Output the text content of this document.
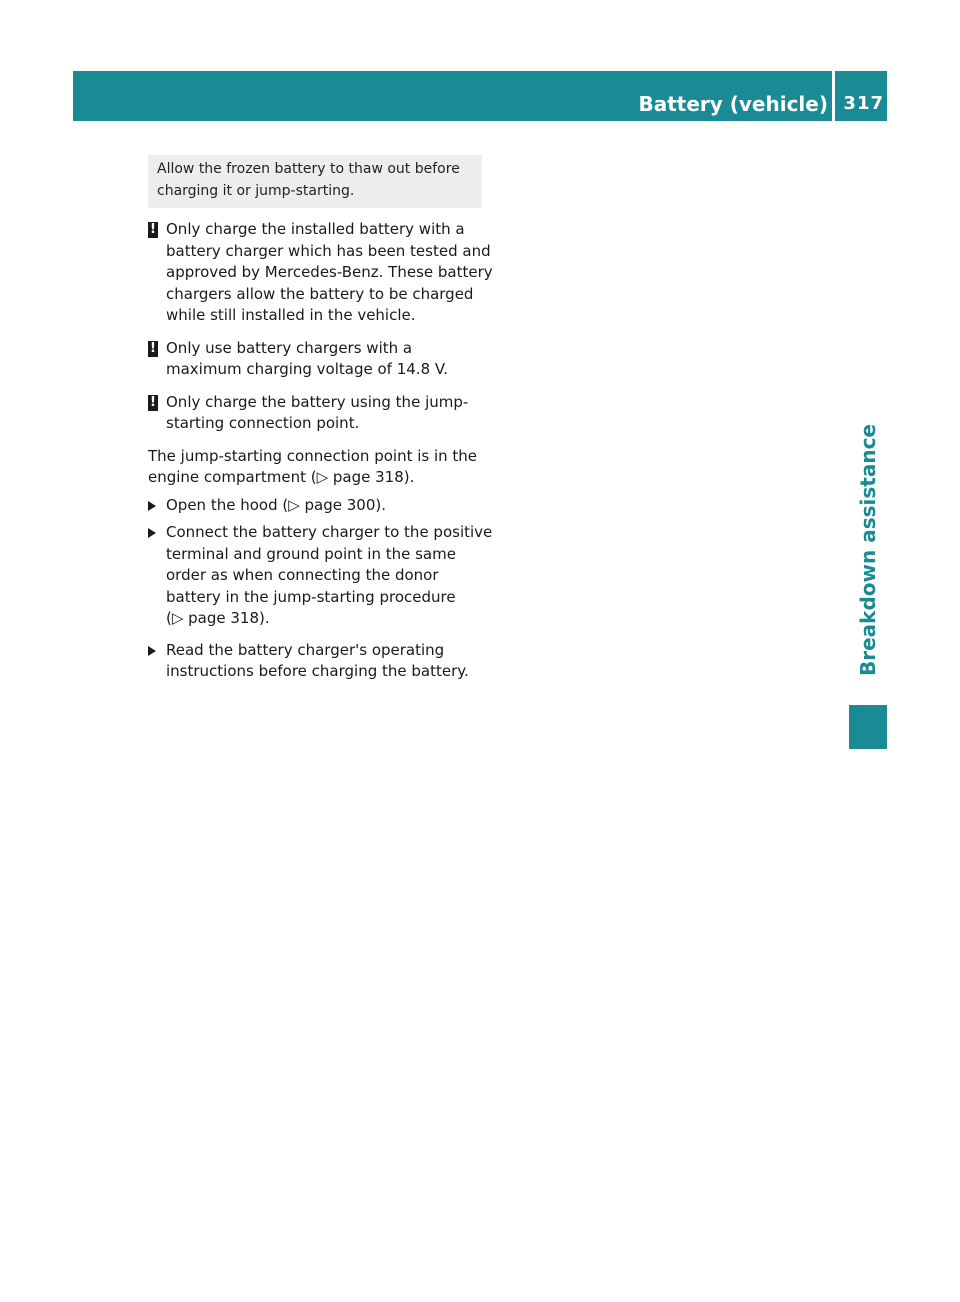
Battery (vehicle) 317
Breakdown assistance
Allow the frozen battery to thaw out before
charging it or jump-starting.
! Only charge the installed battery with a
battery charger which has been tested and
approved by Mercedes-Benz. These battery
chargers allow the battery to be charged
while still installed in the vehicle.
! Only use battery chargers with a
maximum charging voltage of 14.8 V.
! Only charge the battery using the jump-
starting connection point.
The jump-starting connection point is in the
engine compartment (▷ page 318).
Open the hood (▷ page 300).
Connect the battery charger to the positive
terminal and ground point in the same
order as when connecting the donor
battery in the jump-starting procedure
(▷ page 318).
Read the battery charger's operating
instructions before charging the battery.
